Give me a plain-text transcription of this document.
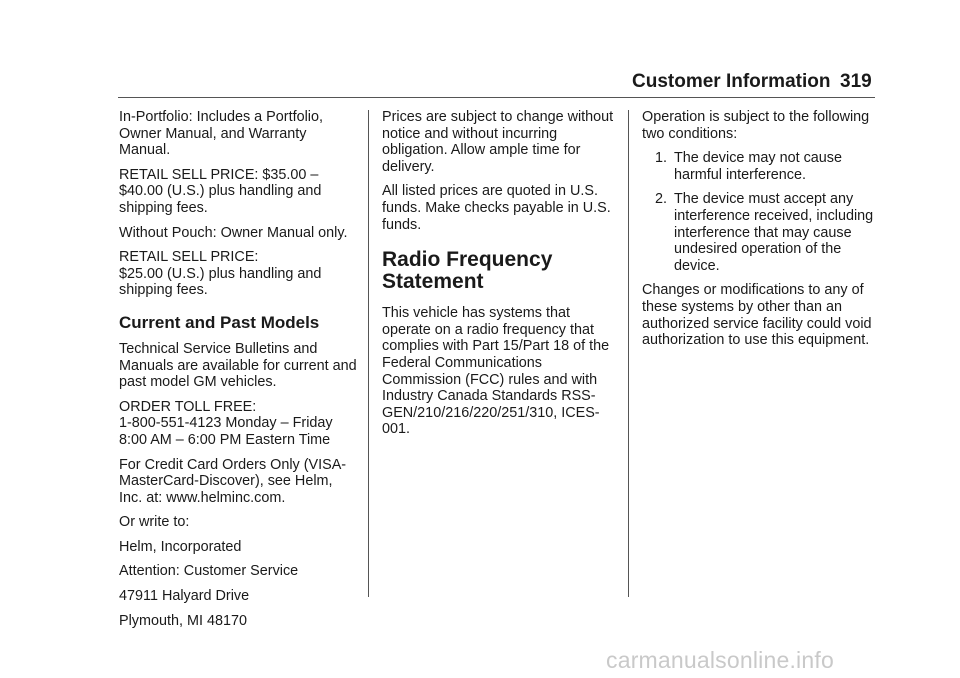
Customer Information 319

In-Portfolio: Includes a Portfolio, Owner Manual, and Warranty Manual.

RETAIL SELL PRICE: $35.00 – $40.00 (U.S.) plus handling and shipping fees.

Without Pouch: Owner Manual only.

RETAIL SELL PRICE:
$25.00 (U.S.) plus handling and shipping fees.

Current and Past Models

Technical Service Bulletins and Manuals are available for current and past model GM vehicles.

ORDER TOLL FREE:
1-800-551-4123 Monday – Friday 8:00 AM – 6:00 PM Eastern Time

For Credit Card Orders Only (VISA-MasterCard-Discover), see Helm, Inc. at: www.helminc.com.

Or write to:

Helm, Incorporated

Attention: Customer Service

47911 Halyard Drive

Plymouth, MI 48170

Prices are subject to change without notice and without incurring obligation. Allow ample time for delivery.

All listed prices are quoted in U.S. funds. Make checks payable in U.S. funds.

Radio Frequency Statement

This vehicle has systems that operate on a radio frequency that complies with Part 15/Part 18 of the Federal Communications Commission (FCC) rules and with Industry Canada Standards RSS-GEN/210/216/220/251/310, ICES-001.

Operation is subject to the following two conditions:

1. The device may not cause harmful interference.
2. The device must accept any interference received, including interference that may cause undesired operation of the device.

Changes or modifications to any of these systems by other than an authorized service facility could void authorization to use this equipment.

carmanualsonline.info
